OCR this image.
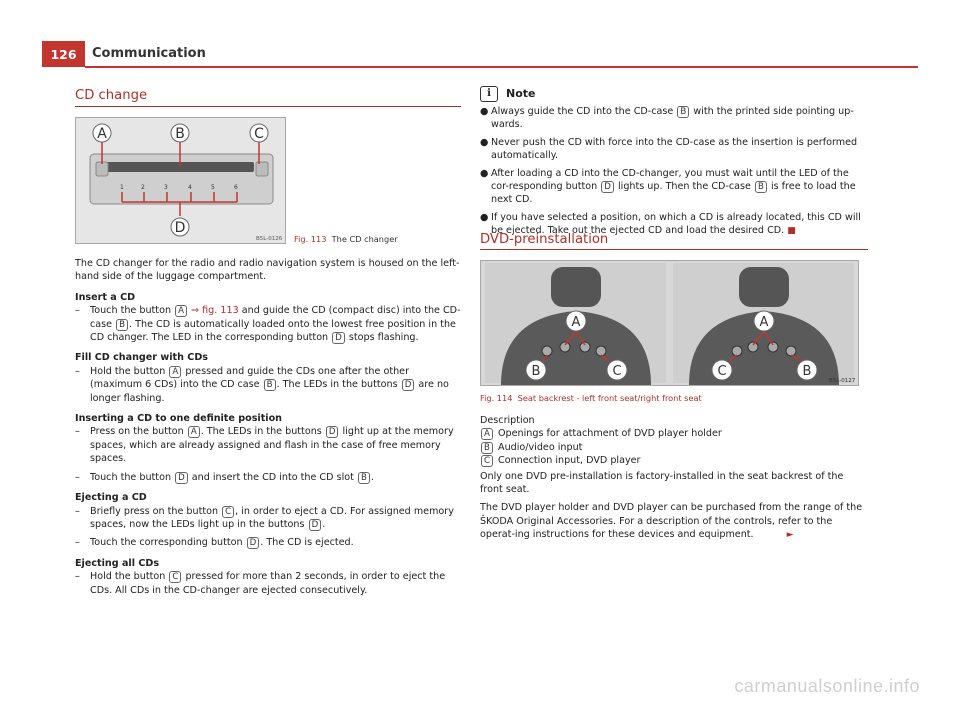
126	Communication
CD change
1	2	3	4	5	6
A	B	C
D
B5L-0126 Fig. 113 The CD changer

The CD changer for the radio and radio navigation system is housed on the left-hand side of the luggage compartment.

Insert a CD

– Touch the button A ⇒ fig. 113 and guide the CD (compact disc) into the CD-case B . The CD is automatically loaded onto the lowest free position in the CD changer. The LED in the corresponding button D stops flashing.

Fill CD changer with CDs

– Hold the button A pressed and guide the CDs one after the other (maximum 6 CDs) into the CD case B . The LEDs in the buttons D are no longer flashing.

Inserting a CD to one definite position

– Press on the button A . The LEDs in the buttons D light up at the memory spaces, which are already assigned and flash in the case of free memory spaces.

– Touch the button D and insert the CD into the CD slot B .

Ejecting a CD

– Briefly press on the button C , in order to eject a CD. For assigned memory spaces, now the LEDs light up in the buttons D .

– Touch the corresponding button D . The CD is ejected.

Ejecting all CDs

– Hold the button C pressed for more than 2 seconds, in order to eject the CDs. All CDs in the CD-changer are ejected consecutively.

i	Note

● Always guide the CD into the CD-case B with the printed side pointing up-wards.

● Never push the CD with force into the CD-case as the insertion is performed automatically.

● After loading a CD into the CD-changer, you must wait until the LED of the cor-responding button D lights up. Then the CD-case B is free to load the next CD.

● If you have selected a position, on which a CD is already located, this CD will be ejected. Take out the ejected CD and load the desired CD. ■

DVD-preinstallation
A
B	C
A
C	B
B5L-0127
Fig. 114 Seat backrest - left front seat/right front seat

Description

A Openings for attachment of DVD player holder

B Audio/video input

C Connection input, DVD player

Only one DVD pre-installation is factory-installed in the seat backrest of the front seat.

The DVD player holder and DVD player can be purchased from the range of the ŠKODA Original Accessories. For a description of the controls, refer to the operat-ing instructions for these devices and equipment.	►

carmanualsonline.info
